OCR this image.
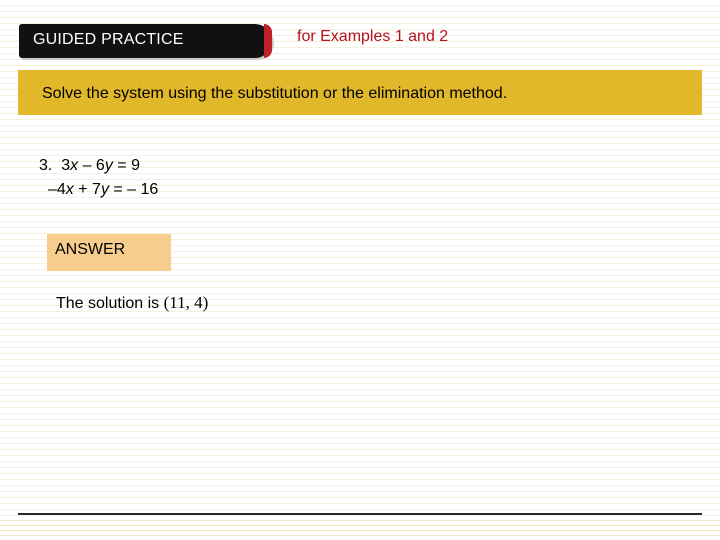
GUIDED PRACTICE	for Examples 1 and 2
Solve the system using the substitution or the elimination method.
3. 3x – 6y = 9
–4x + 7y = – 16
ANSWER
The solution is (11, 4)
